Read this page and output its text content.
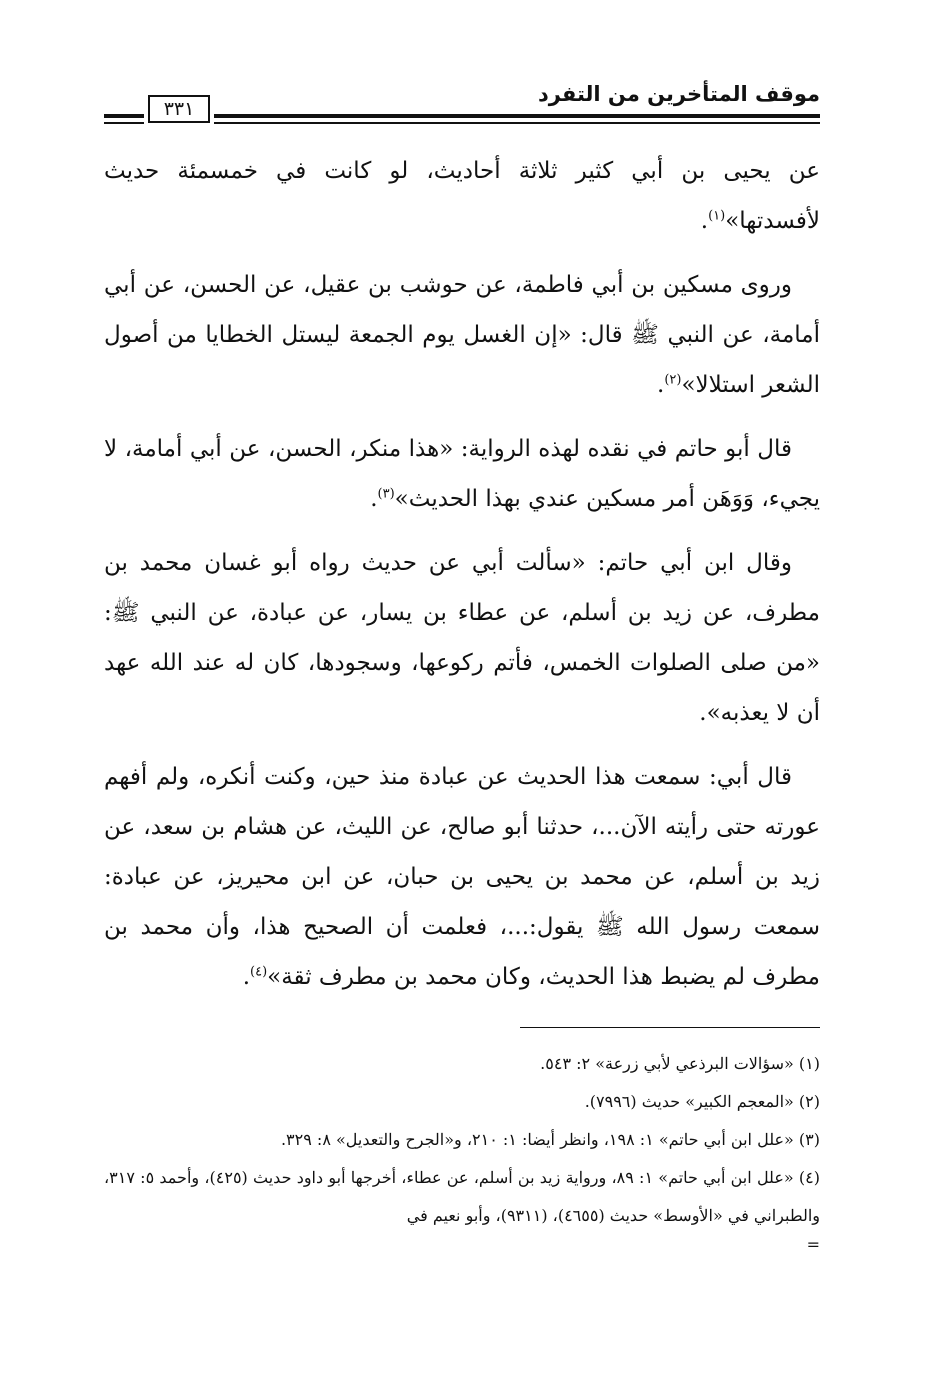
موقف المتأخرين من التفرد
٣٣١

عن يحيى بن أبي كثير ثلاثة أحاديث، لو كانت في خمسمئة حديث لأفسدتها»$^{(١)}$.

وروى مسكين بن أبي فاطمة، عن حوشب بن عقيل، عن الحسن، عن أبي أمامة، عن النبي ﷺ قال: «إن الغسل يوم الجمعة ليستل الخطايا من أصول الشعر استلالا»$^{(٢)}$.

قال أبو حاتم في نقده لهذه الرواية: «هذا منكر، الحسن، عن أبي أمامة، لا يجيء، وَوَهَن أمر مسكين عندي بهذا الحديث»$^{(٣)}$.

وقال ابن أبي حاتم: «سألت أبي عن حديث رواه أبو غسان محمد بن مطرف، عن زيد بن أسلم، عن عطاء بن يسار، عن عبادة، عن النبي ﷺ: «من صلى الصلوات الخمس، فأتم ركوعها، وسجودها، كان له عند الله عهد أن لا يعذبه».

قال أبي: سمعت هذا الحديث عن عبادة منذ حين، وكنت أنكره، ولم أفهم عورته حتى رأيته الآن...، حدثنا أبو صالح، عن الليث، عن هشام بن سعد، عن زيد بن أسلم، عن محمد بن يحيى بن حبان، عن ابن محيريز، عن عبادة: سمعت رسول الله ﷺ يقول:...، فعلمت أن الصحيح هذا، وأن محمد بن مطرف لم يضبط هذا الحديث، وكان محمد بن مطرف ثقة»$^{(٤)}$.

(١) «سؤالات البرذعي لأبي زرعة» ٢: ٥٤٣.

(٢) «المعجم الكبير» حديث (٧٩٩٦).

(٣) «علل ابن أبي حاتم» ١: ١٩٨، وانظر أيضا: ١: ٢١٠، و«الجرح والتعديل» ٨: ٣٢٩.

(٤) «علل ابن أبي حاتم» ١: ٨٩، ورواية زيد بن أسلم، عن عطاء، أخرجها أبو داود حديث (٤٢٥)، وأحمد ٥: ٣١٧، والطبراني في «الأوسط» حديث (٤٦٥٥)، (٩٣١١)، وأبو نعيم في

=
